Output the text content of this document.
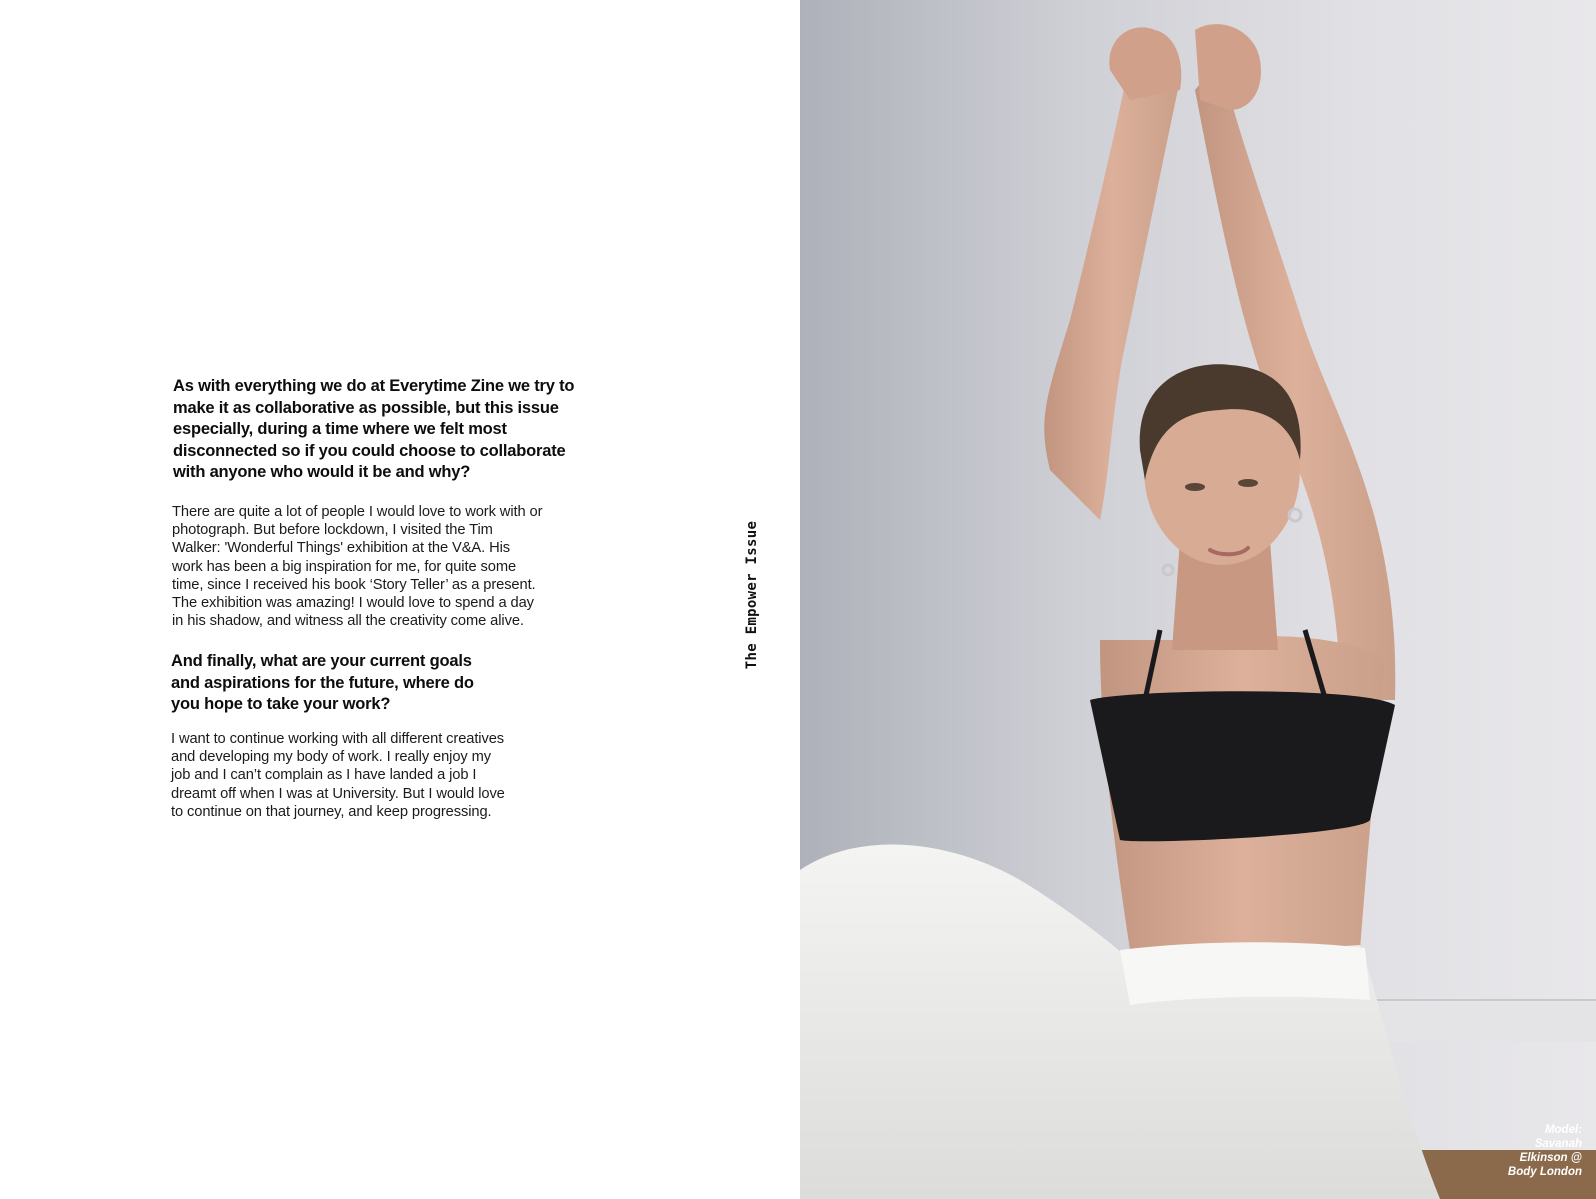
As with everything we do at Everytime Zine we try to
make it as collaborative as possible, but this issue
especially, during a time where we felt most
disconnected so if you could choose to collaborate
with anyone who would it be and why?
There are quite a lot of people I would love to work with or
photograph. But before lockdown, I visited the Tim
Walker: 'Wonderful Things' exhibition at the V&A. His
work has been a big inspiration for me, for quite some
time, since I received his book ‘Story Teller’ as a present.
The exhibition was amazing! I would love to spend a day
in his shadow, and witness all the creativity come alive.
And finally, what are your current goals
and aspirations for the future, where do
you hope to take your work?
I want to continue working with all different creatives
and developing my body of work. I really enjoy my
job and I can’t complain as I have landed a job I
dreamt off when I was at University. But I would love
to continue on that journey, and keep progressing.
The Empower Issue
Model:
Savanah
Elkinson @
Body London
